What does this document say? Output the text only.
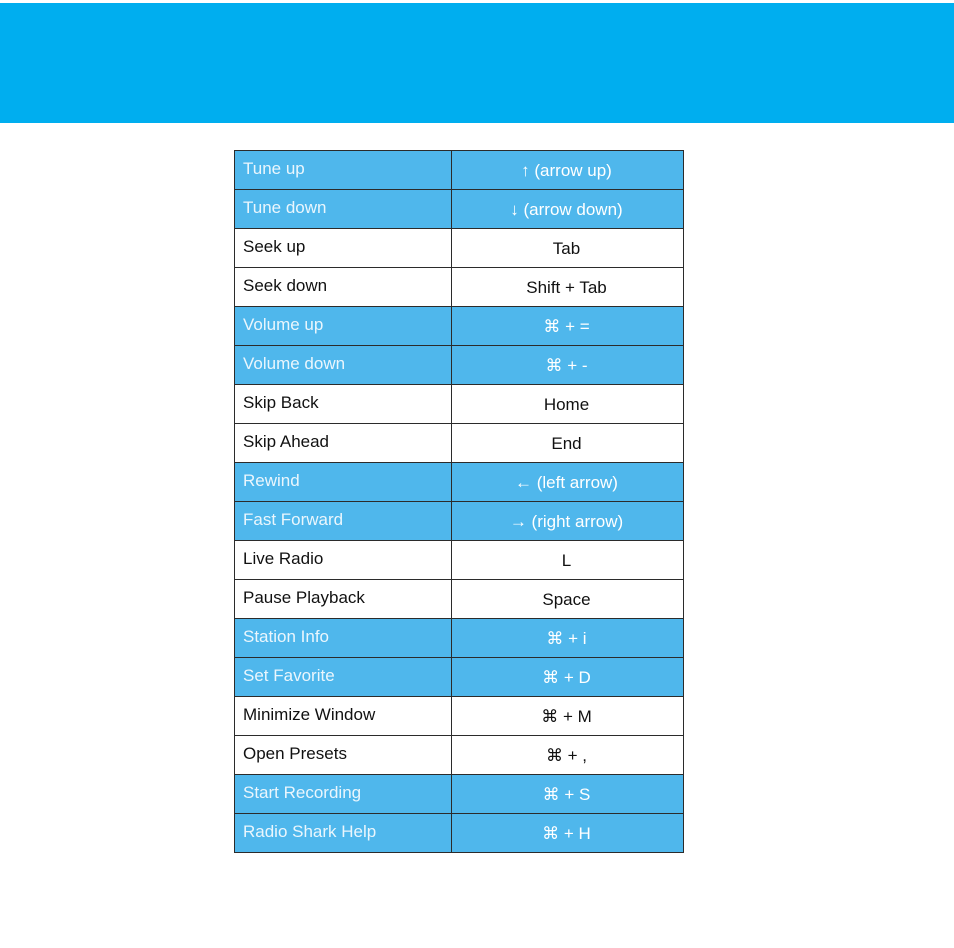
Tune up	↑ (arrow up)
Tune down	↓ (arrow down)
Seek up	Tab
Seek down	Shift + Tab
Volume up	⌘ + =
Volume down	⌘ + -
Skip Back	Home
Skip Ahead	End
Rewind	← (left arrow)
Fast Forward	→ (right arrow)
Live Radio	L
Pause Playback	Space
Station Info	⌘ + i
Set Favorite	⌘ + D
Minimize Window	⌘ + M
Open Presets	⌘ + ,
Start Recording	⌘ + S
Radio Shark Help	⌘ + H
